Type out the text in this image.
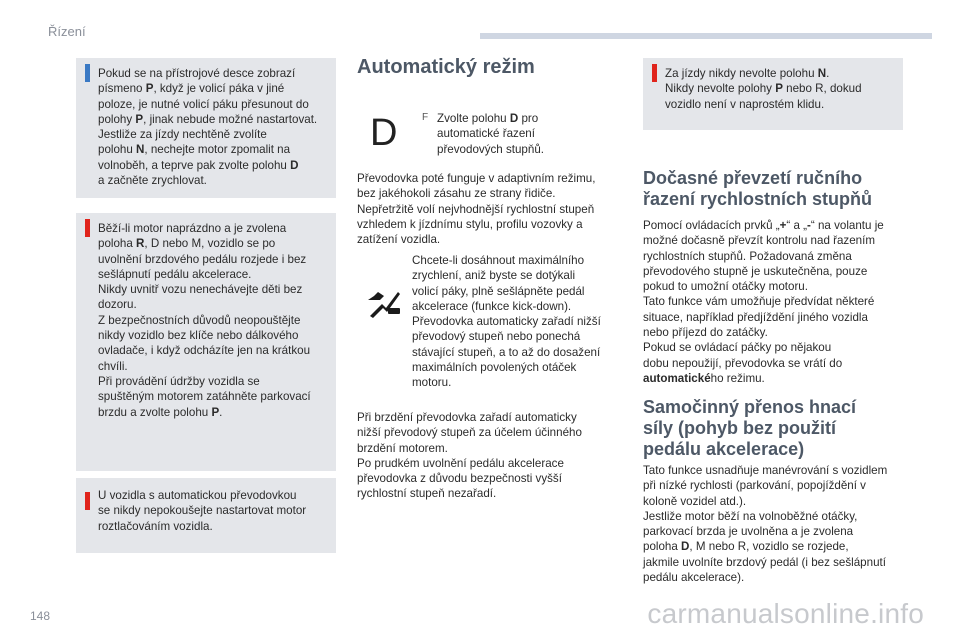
Řízení
Pokud se na přístrojové desce zobrazí
písmeno P, když je volicí páka v jiné
poloze, je nutné volicí páku přesunout do
polohy P, jinak nebude možné nastartovat.
Jestliže za jízdy nechtěně zvolíte
polohu N, nechejte motor zpomalit na
volnoběh, a teprve pak zvolte polohu D
a začněte zrychlovat.
Běží-li motor naprázdno a je zvolena
poloha R, D nebo M, vozidlo se po
uvolnění brzdového pedálu rozjede i bez
sešlápnutí pedálu akcelerace.
Nikdy uvnitř vozu nenechávejte děti bez
dozoru.
Z bezpečnostních důvodů neopouštějte
nikdy vozidlo bez klíče nebo dálkového
ovladače, i když odcházíte jen na krátkou
chvíli.
Při provádění údržby vozidla se
spuštěným motorem zatáhněte parkovací
brzdu a zvolte polohu P.
U vozidla s automatickou převodovkou
se nikdy nepokoušejte nastartovat motor
roztlačováním vozidla.
Automatický režim
D F Zvolte polohu D pro
automatické řazení
převodových stupňů.
Převodovka poté funguje v adaptivním režimu,
bez jakéhokoli zásahu ze strany řidiče.
Nepřetržitě volí nejvhodnější rychlostní stupeň
vzhledem k jízdnímu stylu, profilu vozovky a
zatížení vozidla.
Chcete-li dosáhnout maximálního
zrychlení, aniž byste se dotýkali
volicí páky, plně sešlápněte pedál
akcelerace (funkce kick-down).
Převodovka automaticky zařadí nižší
převodový stupeň nebo ponechá
stávající stupeň, a to až do dosažení
maximálních povolených otáček
motoru.
Při brzdění převodovka zařadí automaticky
nižší převodový stupeň za účelem účinného
brzdění motorem.
Po prudkém uvolnění pedálu akcelerace
převodovka z důvodu bezpečnosti vyšší
rychlostní stupeň nezařadí.
Za jízdy nikdy nevolte polohu N.
Nikdy nevolte polohy P nebo R, dokud
vozidlo není v naprostém klidu.
Dočasné převzetí ručního
řazení rychlostních stupňů
Pomocí ovládacích prvků „+“ a „-“ na volantu je
možné dočasně převzít kontrolu nad řazením
rychlostních stupňů. Požadovaná změna
převodového stupně je uskutečněna, pouze
pokud to umožní otáčky motoru.
Tato funkce vám umožňuje předvídat některé
situace, například předjíždění jiného vozidla
nebo příjezd do zatáčky.
Pokud se ovládací páčky po nějakou
dobu nepoužijí, převodovka se vrátí do
automatického režimu.
Samočinný přenos hnací
síly (pohyb bez použití
pedálu akcelerace)
Tato funkce usnadňuje manévrování s vozidlem
při nízké rychlosti (parkování, popojíždění v
koloně vozidel atd.).
Jestliže motor běží na volnoběžné otáčky,
parkovací brzda je uvolněna a je zvolena
poloha D, M nebo R, vozidlo se rozjede,
jakmile uvolníte brzdový pedál (i bez sešlápnutí
pedálu akcelerace).
148	carmanualsonline.info
